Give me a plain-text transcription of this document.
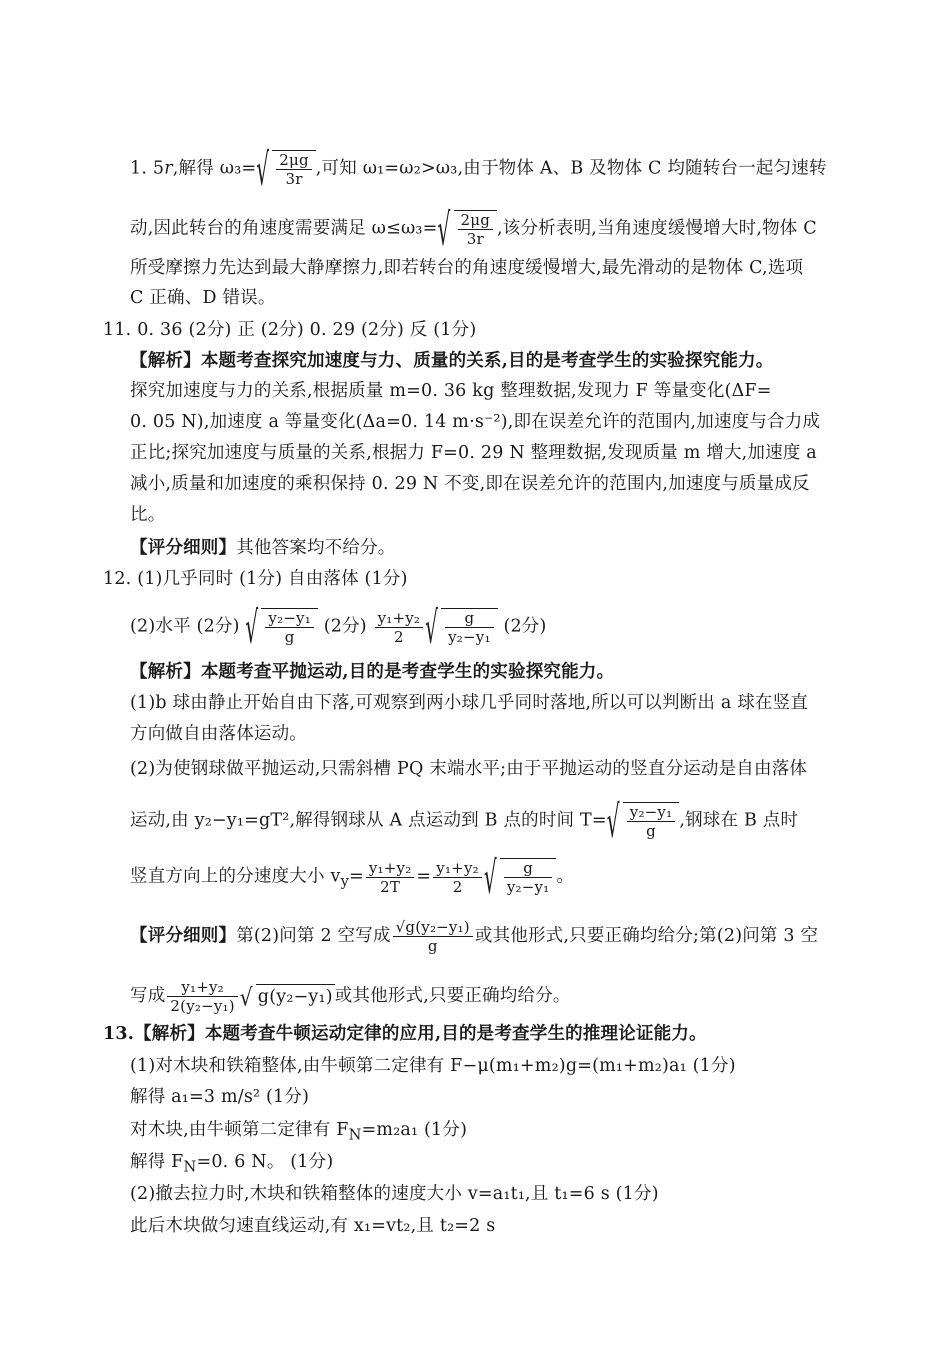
1. 5r,解得 ω₃= √ $\frac{2\mu g}{3r}$ ,可知 ω₁=ω₂>ω₃,由于物体 A、B 及物体 C 均随转台一起匀速转
动,因此转台的角速度需要满足 ω≤ω₃= √ $\frac{2\mu g}{3r}$ ,该分析表明,当角速度缓慢增大时,物体 C
所受摩擦力先达到最大静摩擦力,即若转台的角速度缓慢增大,最先滑动的是物体 C,选项
C 正确、D 错误。
11. 0. 36 (2分) 正 (2分) 0. 29 (2分) 反 (1分)
【解析】本题考查探究加速度与力、质量的关系,目的是考查学生的实验探究能力。
探究加速度与力的关系,根据质量 m=0. 36 kg 整理数据,发现力 F 等量变化(ΔF=
0. 05 N),加速度 a 等量变化(Δa=0. 14 m·s⁻²),即在误差允许的范围内,加速度与合力成
正比;探究加速度与质量的关系,根据力 F=0. 29 N 整理数据,发现质量 m 增大,加速度 a
减小,质量和加速度的乘积保持 0. 29 N 不变,即在误差允许的范围内,加速度与质量成反
比。
【评分细则】其他答案均不给分。
12. (1)几乎同时 (1分) 自由落体 (1分)
(2)水平 (2分) √ $\frac{\text{y₂−y₁}}{g} (2$分) $\frac{\text{y₁+y₂}}{2}$ √ $\frac{g}{\text{y₂−y₁}} (2$分)
【解析】本题考查平抛运动,目的是考查学生的实验探究能力。
(1)b 球由静止开始自由下落,可观察到两小球几乎同时落地,所以可以判断出 a 球在竖直
方向做自由落体运动。
(2)为使钢球做平抛运动,只需斜槽 PQ 末端水平;由于平抛运动的竖直分运动是自由落体
运动,由 y₂−y₁=gT²,解得钢球从 A 点运动到 B 点的时间 T= √ $\frac{\text{y₂−y₁}}{g}$ ,钢球在 B 点时
竖直方向上的分速度大小 $v_y= \frac{\text{y₁+y₂}}{2T} = \frac{\text{y₁+y₂}}{2}$ √ $\frac{g}{\text{y₂−y₁}}$ 。
【评分细则】第(2)问第 2 空写成 $\frac{\text{√g(y₂−y₁)}}{g}$ 或其他形式,只要正确均给分;第(2)问第 3 空
写成 $\frac{\text{y₁+y₂}}{\text{2(y₂−y₁)}}$ √ g(y₂−y₁) 或其他形式,只要正确均给分。
13.【解析】本题考查牛顿运动定律的应用,目的是考查学生的推理论证能力。
(1)对木块和铁箱整体,由牛顿第二定律有 F−μ(m₁+m₂)g=(m₁+m₂)a₁ (1分)
解得 a₁=3 m/s² (1分)
对木块,由牛顿第二定律有 $F_N=m_2a_1$ (1分)
解得 $F_N=0$. 6 N。 (1分)
(2)撤去拉力时,木块和铁箱整体的速度大小 v=a₁t₁,且 t₁=6 s (1分)
此后木块做匀速直线运动,有 x₁=vt₂,且 t₂=2 s
